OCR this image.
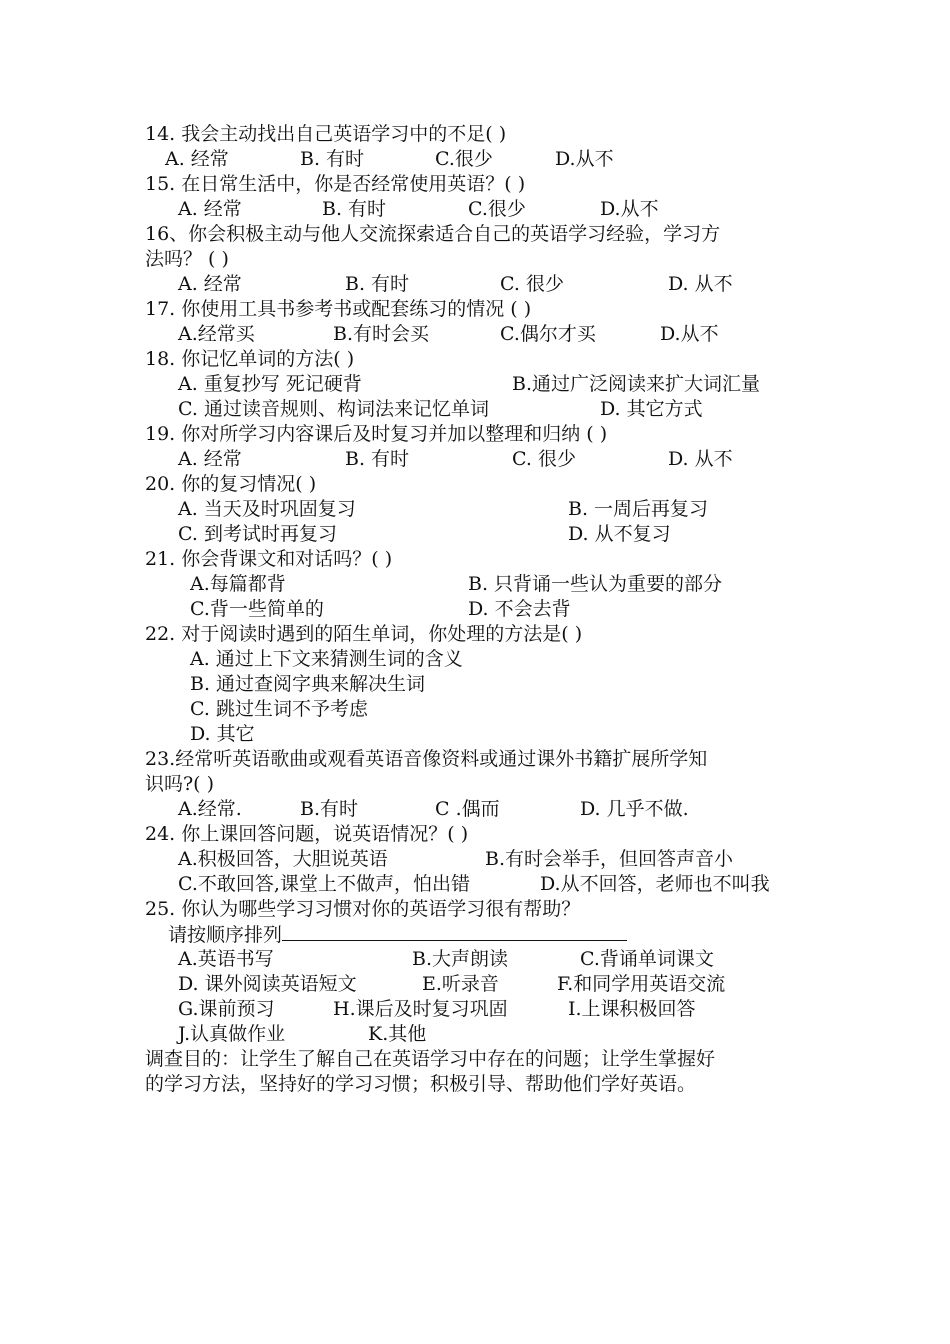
14. 我会主动找出自己英语学习中的不足( )
A. 经常	B. 有时	C.很少	D.从不
15. 在日常生活中，你是否经常使用英语？( )
A. 经常	B. 有时	C.很少	D.从不
16、你会积极主动与他人交流探索适合自己的英语学习经验，学习方
法吗？ ( )
A. 经常	B. 有时	C. 很少	D. 从不
17. 你使用工具书参考书或配套练习的情况 ( )
A.经常买	B.有时会买	C.偶尔才买	D.从不
18. 你记忆单词的方法( )
A. 重复抄写 死记硬背	B.通过广泛阅读来扩大词汇量
C. 通过读音规则、构词法来记忆单词	D. 其它方式
19. 你对所学习内容课后及时复习并加以整理和归纳 ( )
A. 经常	B. 有时	C. 很少	D. 从不
20. 你的复习情况( )
A. 当天及时巩固复习	B. 一周后再复习
C. 到考试时再复习	D. 从不复习
21. 你会背课文和对话吗？( )
A.每篇都背	B. 只背诵一些认为重要的部分
C.背一些简单的	D. 不会去背
22. 对于阅读时遇到的陌生单词，你处理的方法是( )
A. 通过上下文来猜测生词的含义
B. 通过查阅字典来解决生词
C. 跳过生词不予考虑
D. 其它
23.经常听英语歌曲或观看英语音像资料或通过课外书籍扩展所学知
识吗?( )
A.经常.	B.有时	C .偶而	D. 几乎不做.
24. 你上课回答问题，说英语情况？( )
A.积极回答，大胆说英语	B.有时会举手，但回答声音小
C.不敢回答,课堂上不做声，怕出错	D.从不回答，老师也不叫我
25. 你认为哪些学习习惯对你的英语学习很有帮助？
请按顺序排列
A.英语书写	B.大声朗读	C.背诵单词课文
D. 课外阅读英语短文	E.听录音	F.和同学用英语交流
G.课前预习	H.课后及时复习巩固	I.上课积极回答
J.认真做作业	K.其他
调查目的：让学生了解自己在英语学习中存在的问题；让学生掌握好
的学习方法，坚持好的学习习惯；积极引导、帮助他们学好英语。
